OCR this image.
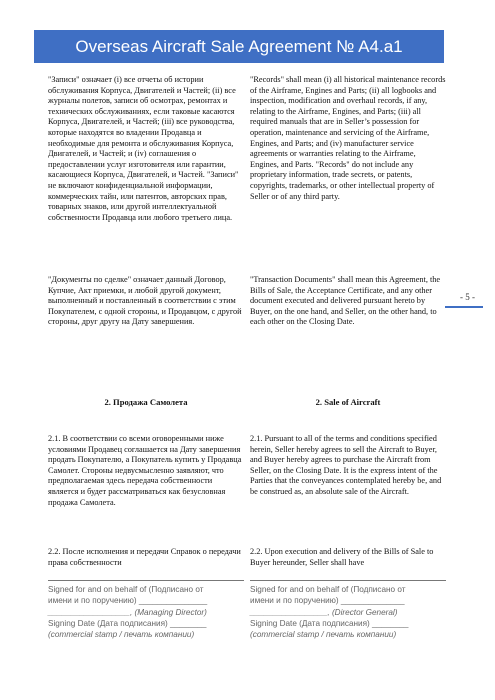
Overseas Aircraft Sale Agreement № A4.a1
- 5 -
"Записи" означает (i) все отчеты об истории обслуживания Корпуса, Двигателей и Частей; (ii) все журналы полетов, записи об осмотрах, ремонтах и технических обслуживаниях, если таковые касаются Корпуса, Двигателей, и Частей; (iii) все руководства, которые находятся во владении Продавца и необходимые для ремонта и обслуживания Корпуса, Двигателей, и Частей; и (iv) соглашения о предоставлении услуг изготовителя или гарантии, касающиеся Корпуса, Двигателей, и Частей. "Записи" не включают конфиденциальной информации, коммерческих тайн, или патентов, авторских прав, товарных знаков, или другой интеллектуальной собственности Продавца или любого третьего лица.
"Records" shall mean (i) all historical maintenance records of the Airframe, Engines and Parts; (ii) all logbooks and inspection, modification and overhaul records, if any, relating to the Airframe, Engines, and Parts; (iii) all required manuals that are in Seller’s possession for operation, maintenance and servicing of the Airframe, Engines, and Parts; and (iv) manufacturer service agreements or warranties relating to the Airframe, Engines, and Parts. "Records" do not include any proprietary information, trade secrets, or patents, copyrights, trademarks, or other intellectual property of Seller or of any third party.
"Документы по сделке" означает данный Договор, Купчие, Акт приемки, и любой другой документ, выполненный и поставленный в соответствии с этим Покупателем, с одной стороны, и Продавцом, с другой стороны, друг другу на Дату завершения.
"Transaction Documents" shall mean this Agreement, the Bills of Sale, the Acceptance Certificate, and any other document executed and delivered pursuant hereto by Buyer, on the one hand, and Seller, on the other hand, to each other on the Closing Date.
2. Продажа Самолета	2. Sale of Aircraft
2.1. В соответствии со всеми оговоренными ниже условиями Продавец соглашается на Дату завершения продать Покупателю, а Покупатель купить у Продавца Самолет. Стороны недвусмысленно заявляют, что предполагаемая здесь передача собственности является и будет рассматриваться как безусловная продажа Самолета.
2.1. Pursuant to all of the terms and conditions specified herein, Seller hereby agrees to sell the Aircraft to Buyer, and Buyer hereby agrees to purchase the Aircraft from Seller, on the Closing Date. It is the express intent of the Parties that the conveyances contemplated hereby be, and be construed as, an absolute sale of the Aircraft.
2.2. После исполнения и передачи Справок о передачи права собственности
2.2. Upon execution and delivery of the Bills of Sale to Buyer hereunder, Seller shall have

Signed for and on behalf of (Подписано от

имени и по поручению) _______________

__________________, (Managing Director)

Signing Date (Дата подписания) ________

(commercial stamp / печать компании)

Signed for and on behalf of (Подписано от

имени и по поручению) ______________

_________________, (Director General)

Signing Date (Дата подписания) ________

(commercial stamp / печать компании)
